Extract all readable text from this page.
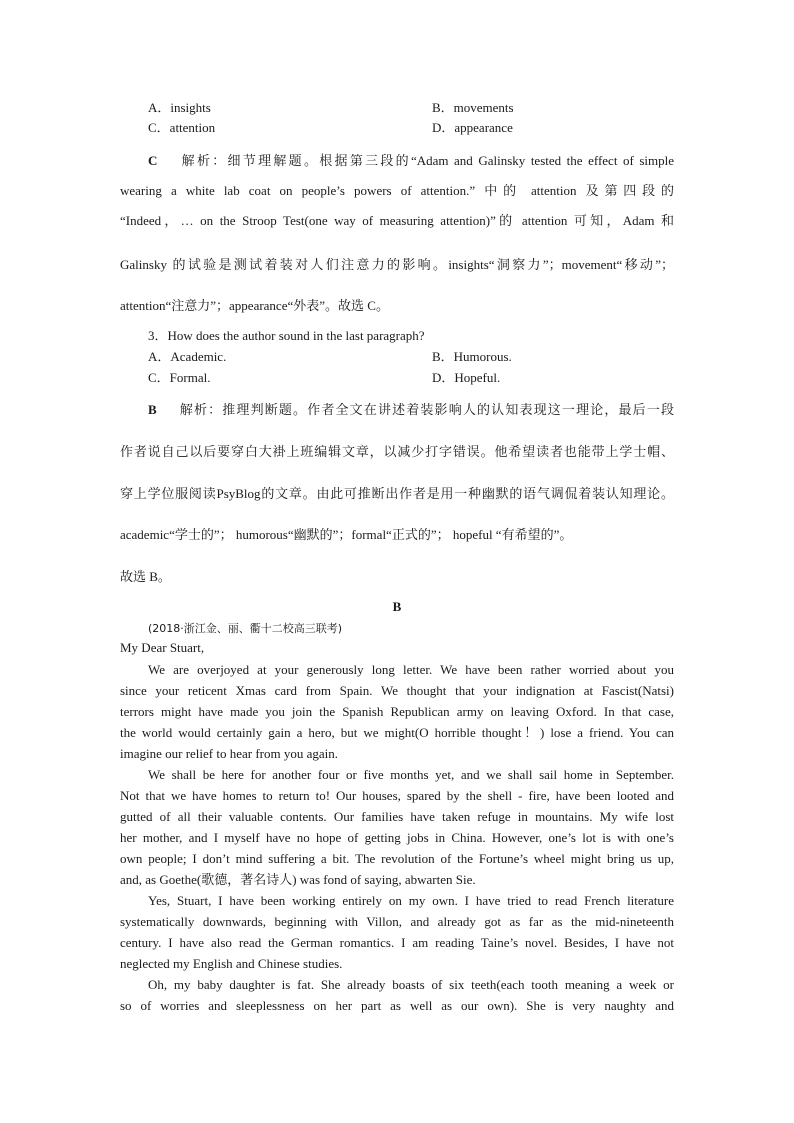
A．insights	B．movements
C．attention	D．appearance
C 解析：细节理解题。根据第三段的“Adam and Galinsky tested the effect of simple
wearing a white lab coat on people’s powers of attention.” 中的 attention 及第四段的
“Indeed，… on the Stroop Test(one way of measuring attention)”的 attention 可知，Adam 和
Galinsky 的试验是测试着装对人们注意力的影响。insights“洞察力”；movement“移动”；
attention“注意力”；appearance“外表”。故选 C。
3．How does the author sound in the last paragraph?
A．Academic.	B．Humorous.
C．Formal.	D．Hopeful.
B 解析：推理判断题。作者全文在讲述着装影响人的认知表现这一理论，最后一段
作者说自己以后要穿白大褂上班编辑文章，以减少打字错误。他希望读者也能带上学士帽、
穿上学位服阅读PsyBlog的文章。由此可推断出作者是用一种幽默的语气调侃着装认知理论。
academic“学士的”； humorous“幽默的”；formal“正式的”； hopeful “有希望的”。
故选 B。
B
(2018·浙江金、丽、衢十二校高三联考)
My Dear Stuart,
We are overjoyed at your generously long letter. We have been rather worried about you
since your reticent Xmas card from Spain. We thought that your indignation at Fascist(Natsi)
terrors might have made you join the Spanish Republican army on leaving Oxford. In that case,
the world would certainly gain a hero, but we might(O horrible thought！) lose a friend. You can
imagine our relief to hear from you again.
We shall be here for another four or five months yet, and we shall sail home in September.
Not that we have homes to return to! Our houses, spared by the shell - fire, have been looted and
gutted of all their valuable contents. Our families have taken refuge in mountains. My wife lost
her mother, and I myself have no hope of getting jobs in China. However, one’s lot is with one’s
own people; I don’t mind suffering a bit. The revolution of the Fortune’s wheel might bring us up,
and, as Goethe(歌德，著名诗人) was fond of saying, abwarten Sie.
Yes, Stuart, I have been working entirely on my own. I have tried to read French literature
systematically downwards, beginning with Villon, and already got as far as the mid-nineteenth
century. I have also read the German romantics. I am reading Taine’s novel. Besides, I have not
neglected my English and Chinese studies.
Oh, my baby daughter is fat. She already boasts of six teeth(each tooth meaning a week or
so of worries and sleeplessness on her part as well as our own). She is very naughty and
